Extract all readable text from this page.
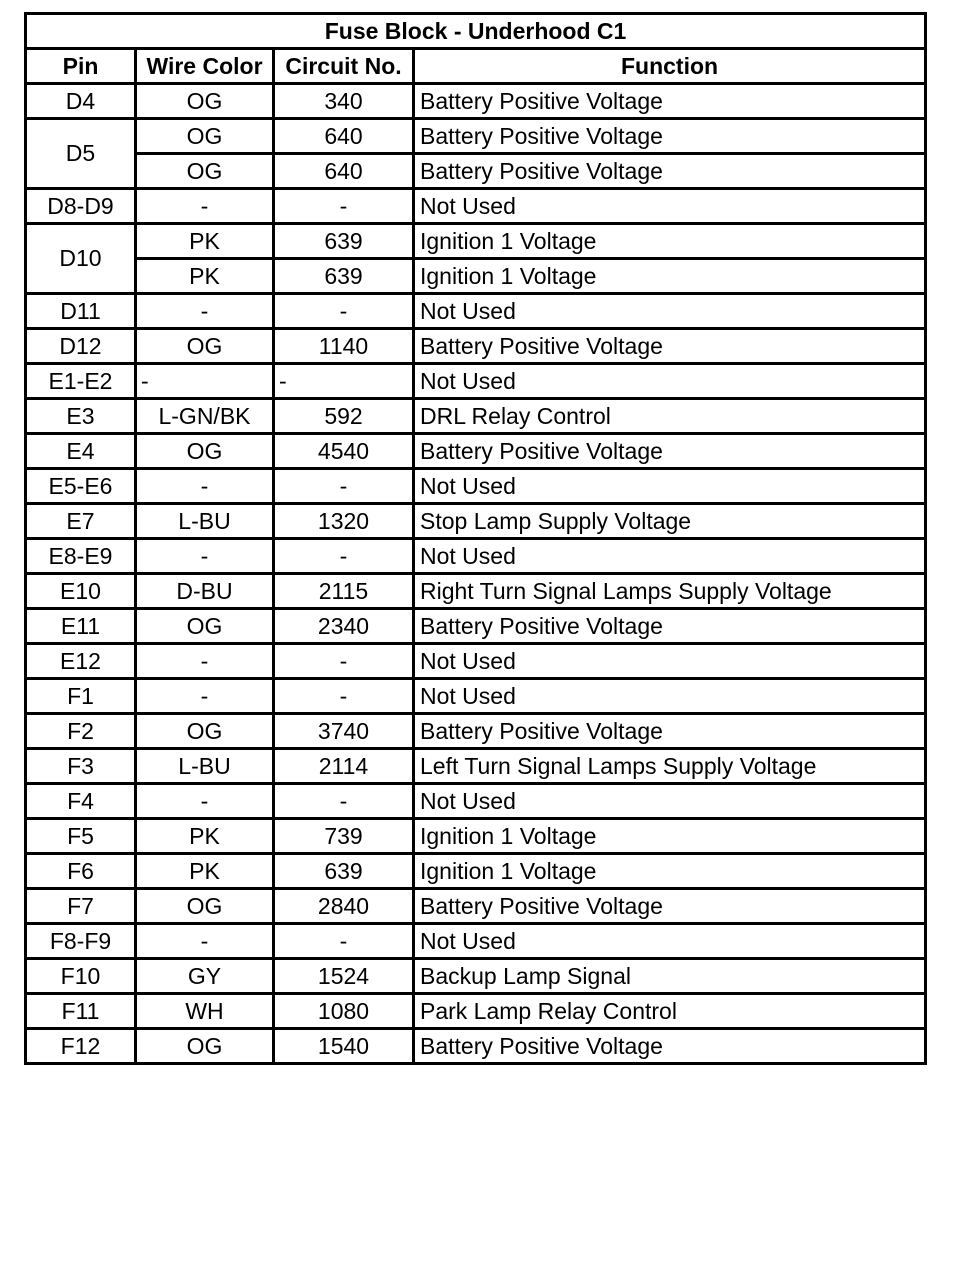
Fuse Block - Underhood C1			
Pin	Wire Color	Circuit No.	Function
D4	OG	340	Battery Positive Voltage
D5	OG	640	Battery Positive Voltage
	OG	640	Battery Positive Voltage
D8-D9	-	-	Not Used
D10	PK	639	Ignition 1 Voltage
	PK	639	Ignition 1 Voltage
D11	-	-	Not Used
D12	OG	1140	Battery Positive Voltage
E1-E2	-	-	Not Used
E3	L-GN/BK	592	DRL Relay Control
E4	OG	4540	Battery Positive Voltage
E5-E6	-	-	Not Used
E7	L-BU	1320	Stop Lamp Supply Voltage
E8-E9	-	-	Not Used
E10	D-BU	2115	Right Turn Signal Lamps Supply Voltage
E11	OG	2340	Battery Positive Voltage
E12	-	-	Not Used
F1	-	-	Not Used
F2	OG	3740	Battery Positive Voltage
F3	L-BU	2114	Left Turn Signal Lamps Supply Voltage
F4	-	-	Not Used
F5	PK	739	Ignition 1 Voltage
F6	PK	639	Ignition 1 Voltage
F7	OG	2840	Battery Positive Voltage
F8-F9	-	-	Not Used
F10	GY	1524	Backup Lamp Signal
F11	WH	1080	Park Lamp Relay Control
F12	OG	1540	Battery Positive Voltage
